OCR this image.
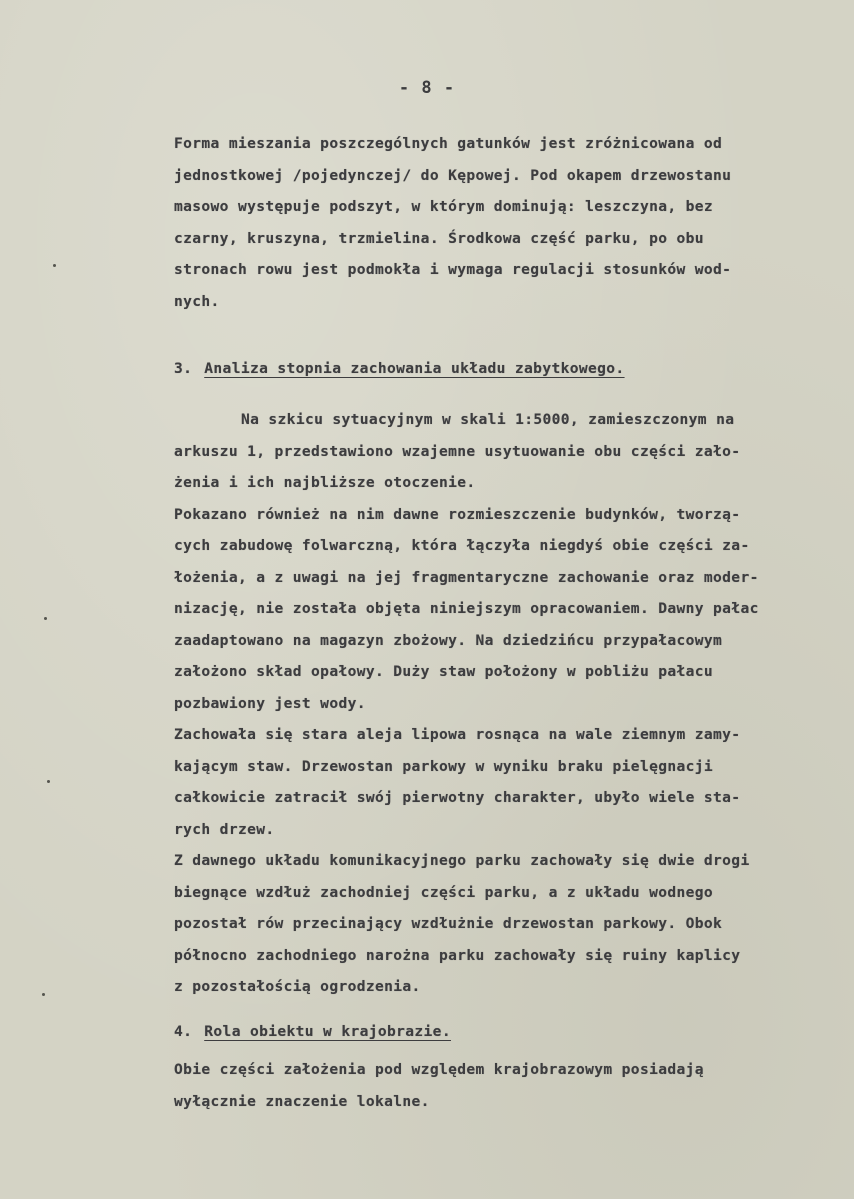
- 8 -
Forma mieszania poszczególnych gatunków jest zróżnicowana od
jednostkowej /pojedynczej/ do Kępowej. Pod okapem drzewostanu
masowo występuje podszyt, w którym dominują: leszczyna, bez
czarny, kruszyna, trzmielina. Środkowa część parku, po obu
stronach rowu jest podmokła i wymaga regulacji stosunków wod-
nych.
3. Analiza stopnia zachowania układu zabytkowego.
Na szkicu sytuacyjnym w skali 1:5000, zamieszczonym na
arkuszu 1, przedstawiono wzajemne usytuowanie obu części zało-
żenia i ich najbliższe otoczenie.
Pokazano również na nim dawne rozmieszczenie budynków, tworzą-
cych zabudowę folwarczną, która łączyła niegdyś obie części za-
łożenia, a z uwagi na jej fragmentaryczne zachowanie oraz moder-
nizację, nie została objęta niniejszym opracowaniem. Dawny pałac
zaadaptowano na magazyn zbożowy. Na dziedzińcu przypałacowym
założono skład opałowy. Duży staw położony w pobliżu pałacu
pozbawiony jest wody.
Zachowała się stara aleja lipowa rosnąca na wale ziemnym zamy-
kającym staw. Drzewostan parkowy w wyniku braku pielęgnacji
całkowicie zatracił swój pierwotny charakter, ubyło wiele sta-
rych drzew.
Z dawnego układu komunikacyjnego parku zachowały się dwie drogi
biegnące wzdłuż zachodniej części parku, a z układu wodnego
pozostał rów przecinający wzdłużnie drzewostan parkowy. Obok
północno zachodniego narożna parku zachowały się ruiny kaplicy
z pozostałością ogrodzenia.
4. Rola obiektu w krajobrazie.
Obie części założenia pod względem krajobrazowym posiadają
wyłącznie znaczenie lokalne.
